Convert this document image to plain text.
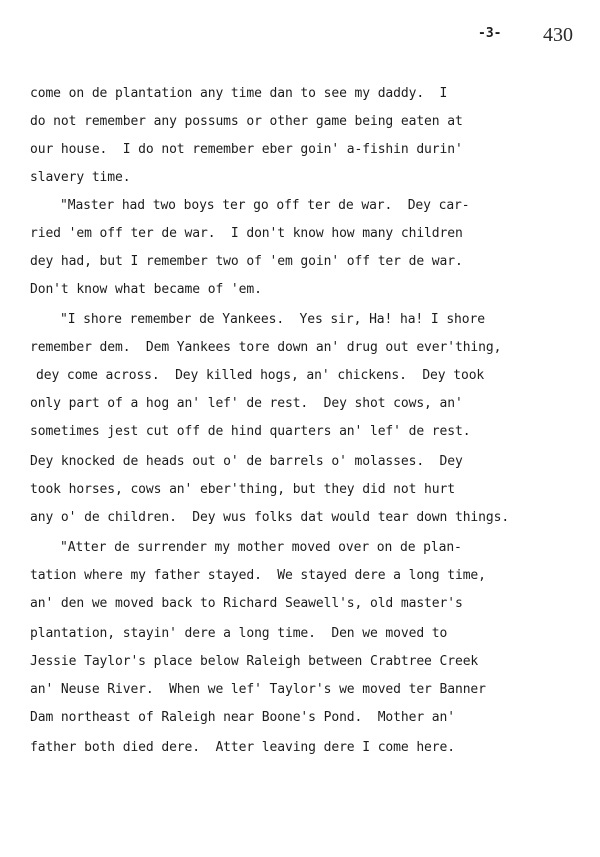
-3- 430
come on de plantation any time dan to see my daddy.  I
do not remember any possums or other game being eaten at
our house.  I do not remember eber goin' a-fishin durin'
slavery time.
"Master had two boys ter go off ter de war.  Dey car-
ried 'em off ter de war.  I don't know how many children
dey had, but I remember two of 'em goin' off ter de war.
Don't know what became of 'em.
"I shore remember de Yankees.  Yes sir, Ha! ha! I shore
remember dem.  Dem Yankees tore down an' drug out ever'thing,
dey come across.  Dey killed hogs, an' chickens.  Dey took
only part of a hog an' lef' de rest.  Dey shot cows, an'
sometimes jest cut off de hind quarters an' lef' de rest.
Dey knocked de heads out o' de barrels o' molasses.  Dey
took horses, cows an' eber'thing, but they did not hurt
any o' de children.  Dey wus folks dat would tear down things.
"Atter de surrender my mother moved over on de plan-
tation where my father stayed.  We stayed dere a long time,
an' den we moved back to Richard Seawell's, old master's
plantation, stayin' dere a long time.  Den we moved to
Jessie Taylor's place below Raleigh between Crabtree Creek
an' Neuse River.  When we lef' Taylor's we moved ter Banner
Dam northeast of Raleigh near Boone's Pond.  Mother an'
father both died dere.  Atter leaving dere I come here.
